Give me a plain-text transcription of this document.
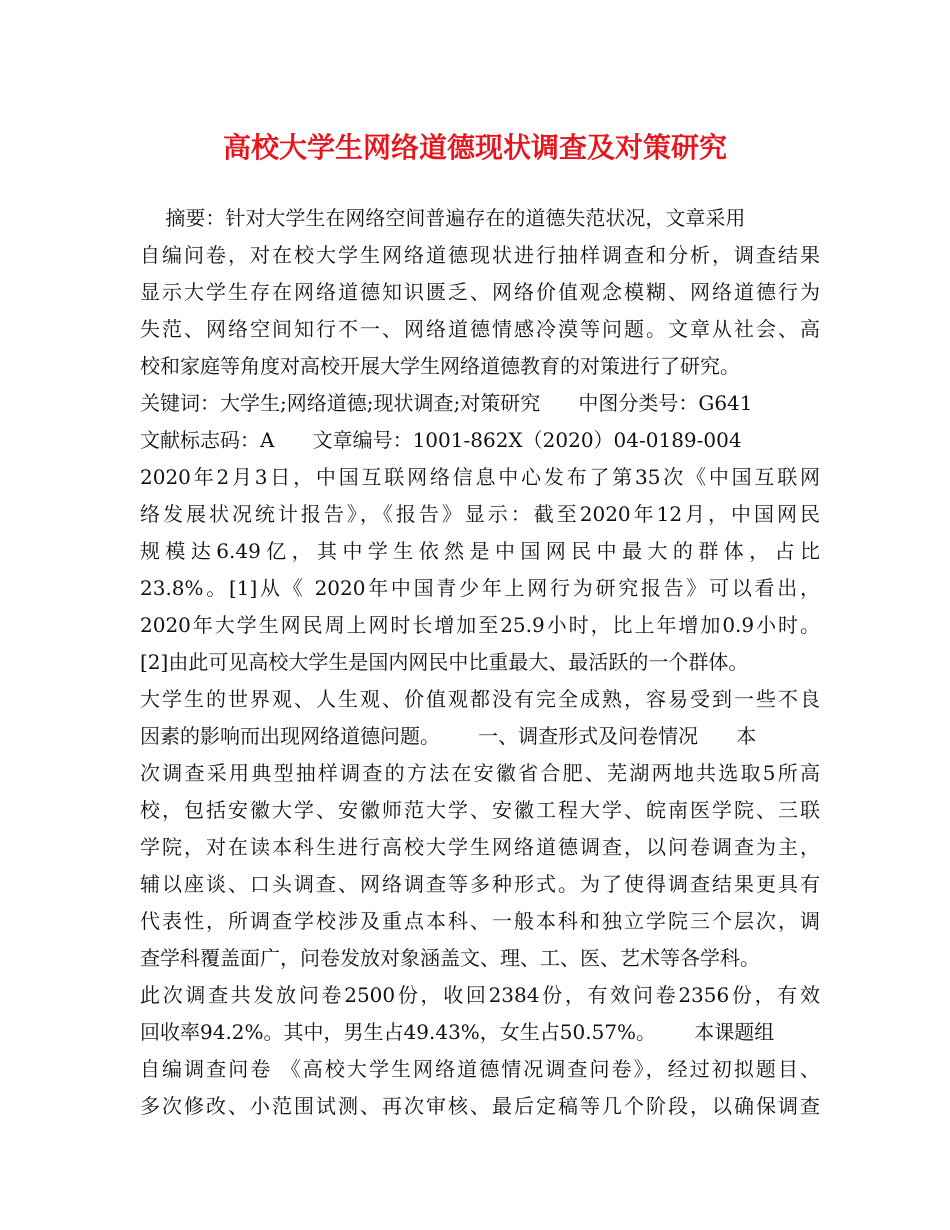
高校大学生网络道德现状调查及对策研究
摘要：针对大学生在网络空间普遍存在的道德失范状况，文章采用
自编问卷，对在校大学生网络道德现状进行抽样调查和分析，调查结果
显示大学生存在网络道德知识匮乏、网络价值观念模糊、网络道德行为
失范、网络空间知行不一、网络道德情感冷漠等问题。文章从社会、高
校和家庭等角度对高校开展大学生网络道德教育的对策进行了研究。
关键词：大学生;网络道德;现状调查;对策研究      中图分类号：G641
文献标志码：A      文章编号：1001-862X（2020）04-0189-004
2020年2月3日，中国互联网络信息中心发布了第35次《中国互联网
络发展状况统计报告》，《报告》显示：截至2020年12月，中国网民
规模达6.49亿，其中学生依然是中国网民中最大的群体，占比
23.8%。[1]从《 2020年中国青少年上网行为研究报告》可以看出，
2020年大学生网民周上网时长增加至25.9小时，比上年增加0.9小时。
[2]由此可见高校大学生是国内网民中比重最大、最活跃的一个群体。
大学生的世界观、人生观、价值观都没有完全成熟，容易受到一些不良
因素的影响而出现网络道德问题。      一、调查形式及问卷情况      本
次调查采用典型抽样调查的方法在安徽省合肥、芜湖两地共选取5所高
校，包括安徽大学、安徽师范大学、安徽工程大学、皖南医学院、三联
学院，对在读本科生进行高校大学生网络道德调查，以问卷调查为主，
辅以座谈、口头调查、网络调查等多种形式。为了使得调查结果更具有
代表性，所调查学校涉及重点本科、一般本科和独立学院三个层次，调
查学科覆盖面广，问卷发放对象涵盖文、理、工、医、艺术等各学科。
此次调查共发放问卷2500份，收回2384份，有效问卷2356份，有效
回收率94.2%。其中，男生占49.43%，女生占50.57%。      本课题组
自编调查问卷 《高校大学生网络道德情况调查问卷》，经过初拟题目、
多次修改、小范围试测、再次审核、最后定稿等几个阶段，以确保调查
